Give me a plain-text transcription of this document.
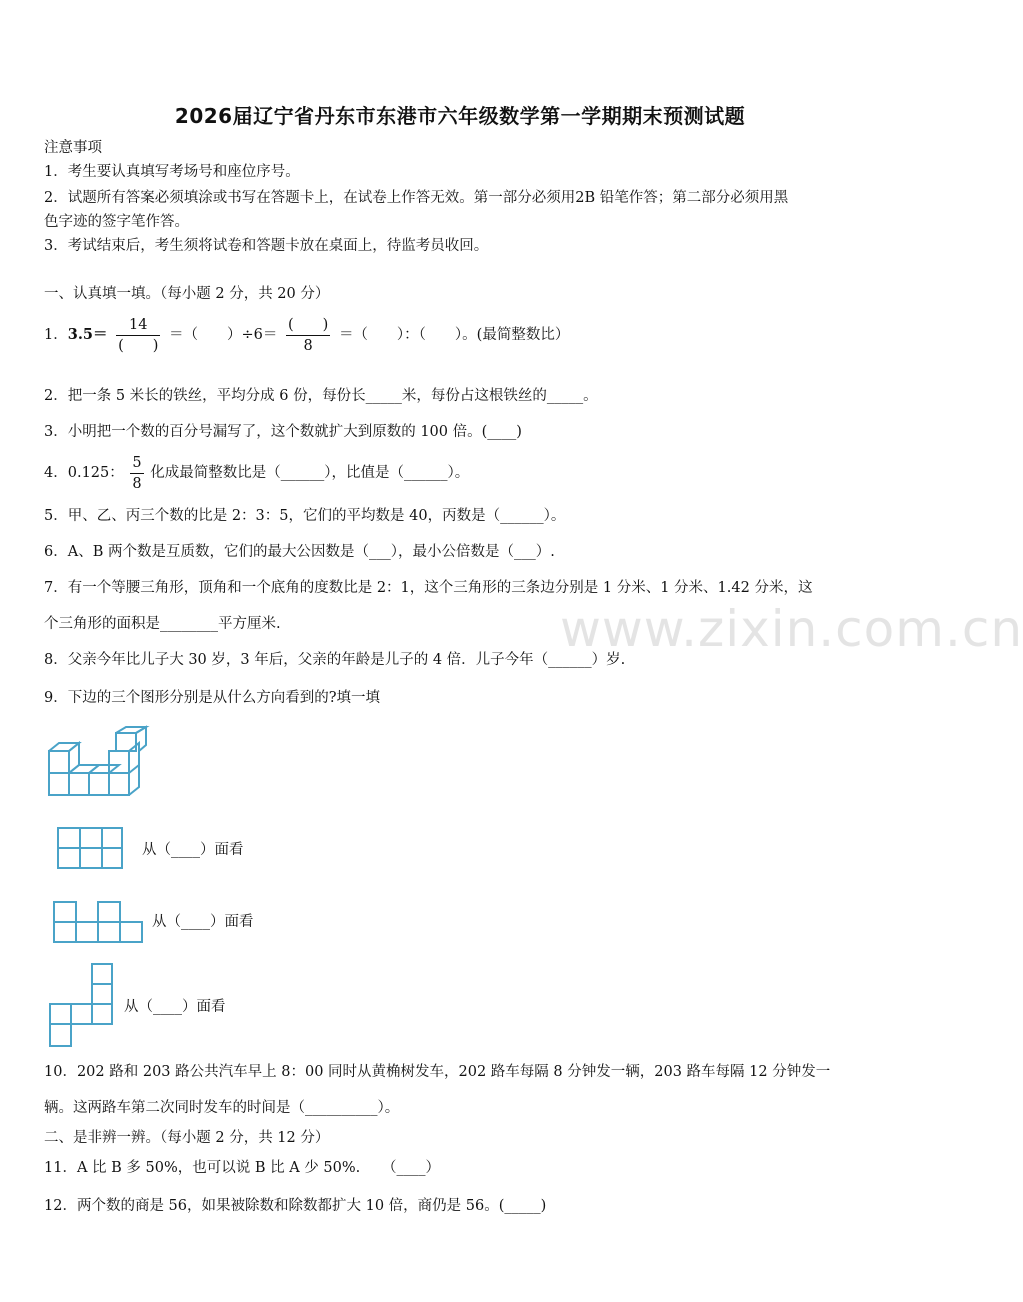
www.zixin.com.cn
2026届辽宁省丹东市东港市六年级数学第一学期期末预测试题
注意事项
1．考生要认真填写考场号和座位序号。
2．试题所有答案必须填涂或书写在答题卡上，在试卷上作答无效。第一部分必须用2B 铅笔作答；第二部分必须用黑
色字迹的签字笔作答。
3．考试结束后，考生须将试卷和答题卡放在桌面上，待监考员收回。
一、认真填一填。（每小题 2 分，共 20 分）
1．$3.5= \frac{14}{( )}$ ＝（　　）$\div 6= \frac{( )}{8}$ ＝（　　）：（　　）。(最简整数比）
2．把一条 5 米长的铁丝，平均分成 6 份，每份长_____米，每份占这根铁丝的_____。
3．小明把一个数的百分号漏写了，这个数就扩大到原数的 100 倍。(____)
4．0.125： $\frac{5}{8}$ 化成最简整数比是（______），比值是（______）。
5．甲、乙、丙三个数的比是 2：3：5，它们的平均数是 40，丙数是（______）。
6．A、B 两个数是互质数，它们的最大公因数是（___），最小公倍数是（___）.
7．有一个等腰三角形，顶角和一个底角的度数比是 2：1，这个三角形的三条边分别是 1 分米、1 分米、1.42 分米，这
个三角形的面积是________平方厘米.
8．父亲今年比儿子大 30 岁，3 年后，父亲的年龄是儿子的 4 倍．儿子今年（______）岁.
9．下边的三个图形分别是从什么方向看到的?填一填
从（____）面看
从（____）面看
从（____）面看
10．202 路和 203 路公共汽车早上 8：00 同时从黄桷树发车，202 路车每隔 8 分钟发一辆，203 路车每隔 12 分钟发一
辆。这两路车第二次同时发车的时间是（__________）。
二、是非辨一辨。（每小题 2 分，共 12 分）
11．A 比 B 多 50%，也可以说 B 比 A 少 50%.　　（____）
12．两个数的商是 56，如果被除数和除数都扩大 10 倍，商仍是 56。(_____)
